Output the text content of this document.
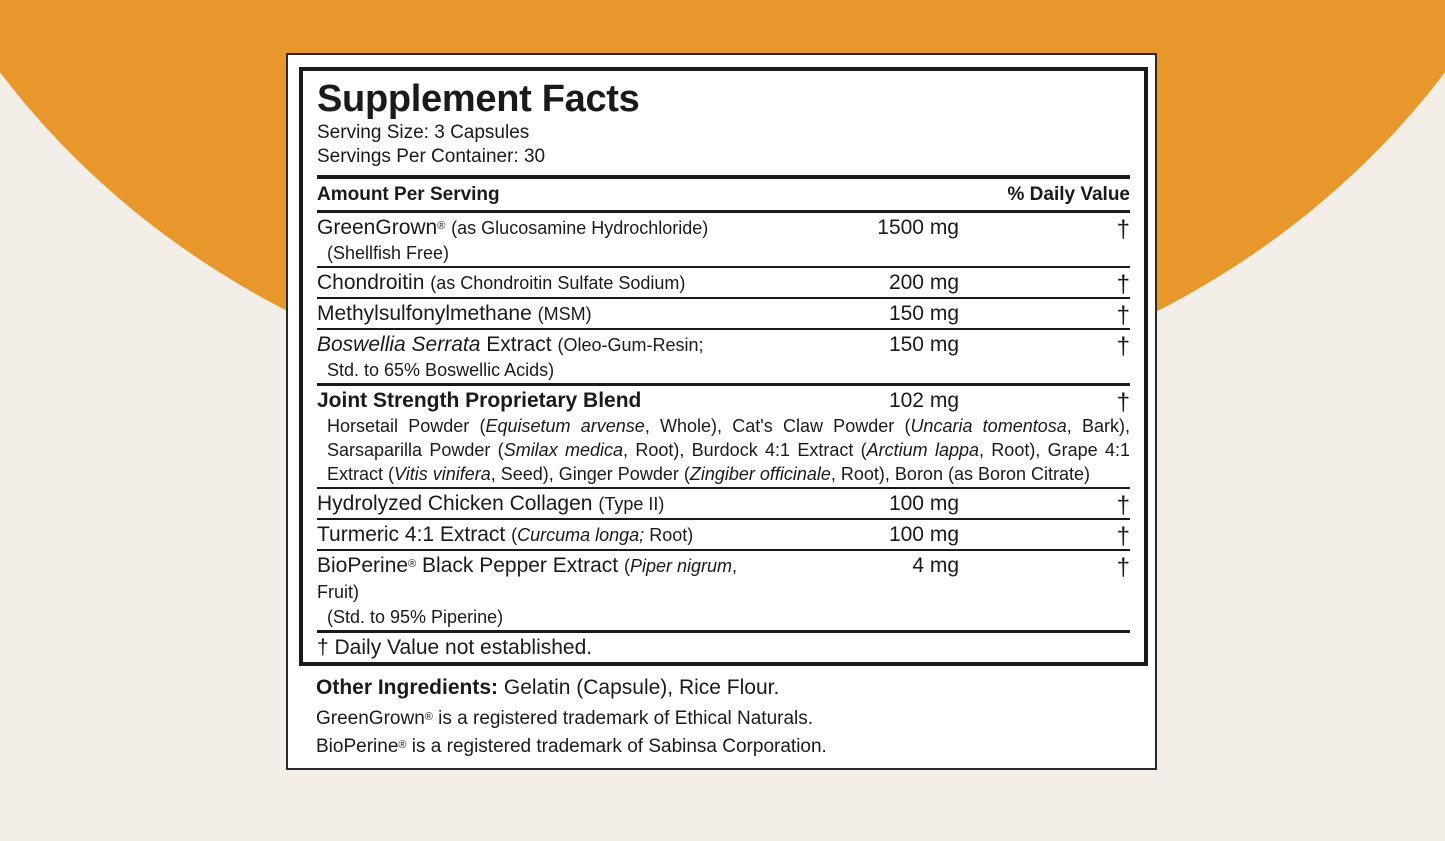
Supplement Facts
Serving Size: 3 Capsules
Servings Per Container: 30
Amount Per Serving	% Daily Value
GreenGrown® (as Glucosamine Hydrochloride)
(Shellfish Free)
1500 mg	†
Chondroitin (as Chondroitin Sulfate Sodium)	200 mg	†
Methylsulfonylmethane (MSM)	150 mg	†
Boswellia Serrata Extract (Oleo-Gum-Resin;
Std. to 65% Boswellic Acids)
150 mg	†
Joint Strength Proprietary Blend
Horsetail Powder (Equisetum arvense, Whole), Cat's Claw Powder (Uncaria tomentosa, Bark), Sarsaparilla Powder (Smilax medica, Root), Burdock 4:1 Extract (Arctium lappa, Root), Grape 4:1 Extract (Vitis vinifera, Seed), Ginger Powder (Zingiber officinale, Root), Boron (as Boron Citrate)
102 mg	†
Hydrolyzed Chicken Collagen (Type II)	100 mg	†
Turmeric 4:1 Extract (Curcuma longa; Root)	100 mg	†
BioPerine® Black Pepper Extract (Piper nigrum, Fruit)
(Std. to 95% Piperine)
4 mg	†
† Daily Value not established.
Other Ingredients: Gelatin (Capsule), Rice Flour.
GreenGrown® is a registered trademark of Ethical Naturals.
BioPerine® is a registered trademark of Sabinsa Corporation.
